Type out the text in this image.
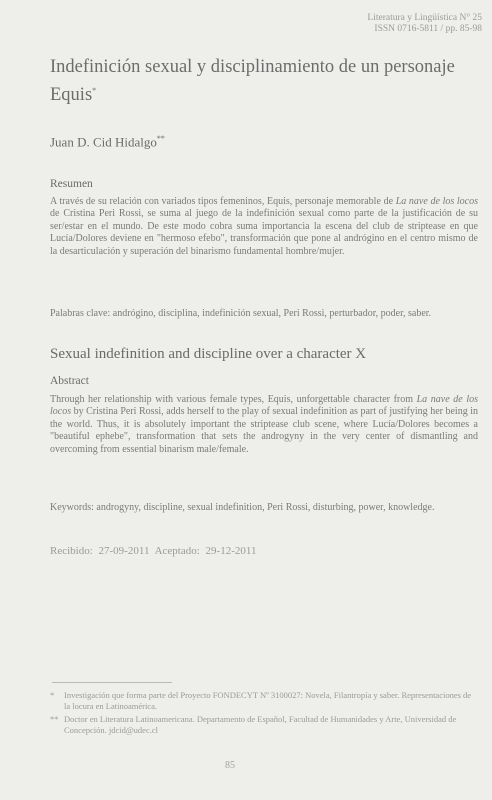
Literatura y Lingüística N° 25
ISSN 0716-5811 / pp. 85-98
Indefinición sexual y disciplinamiento de un personaje Equis*
Juan D. Cid Hidalgo**
Resumen
A través de su relación con variados tipos femeninos, Equis, personaje memorable de La nave de los locos de Cristina Peri Rossi, se suma al juego de la indefinición sexual como parte de la justificación de su ser/estar en el mundo. De este modo cobra suma importancia la escena del club de striptease en que Lucía/Dolores deviene en "hermoso efebo", transformación que pone al andrógino en el centro mismo de la desarticulación y superación del binarismo fundamental hombre/mujer.
Palabras clave: andrógino, disciplina, indefinición sexual, Peri Rossi, perturbador, poder, saber.
Sexual indefinition and discipline over a character X
Abstract
Through her relationship with various female types, Equis, unforgettable character from La nave de los locos by Cristina Peri Rossi, adds herself to the play of sexual indefinition as part of justifying her being in the world. Thus, it is absolutely important the striptease club scene, where Lucía/Dolores becomes a "beautiful ephebe", transformation that sets the androgyny in the very center of dismantling and overcoming from essential binarism male/female.
Keywords: androgyny, discipline, sexual indefinition, Peri Rossi, disturbing, power, knowledge.
Recibido: 27-09-2011 Aceptado: 29-12-2011
*	Investigación que forma parte del Proyecto FONDECYT Nº 3100027: Novela, Filantropía y saber. Representaciones de la locura en Latinoamérica.
** Doctor en Literatura Latinoamericana. Departamento de Español, Facultad de Humanidades y Arte, Universidad de Concepción. jdcid@udec.cl
85
